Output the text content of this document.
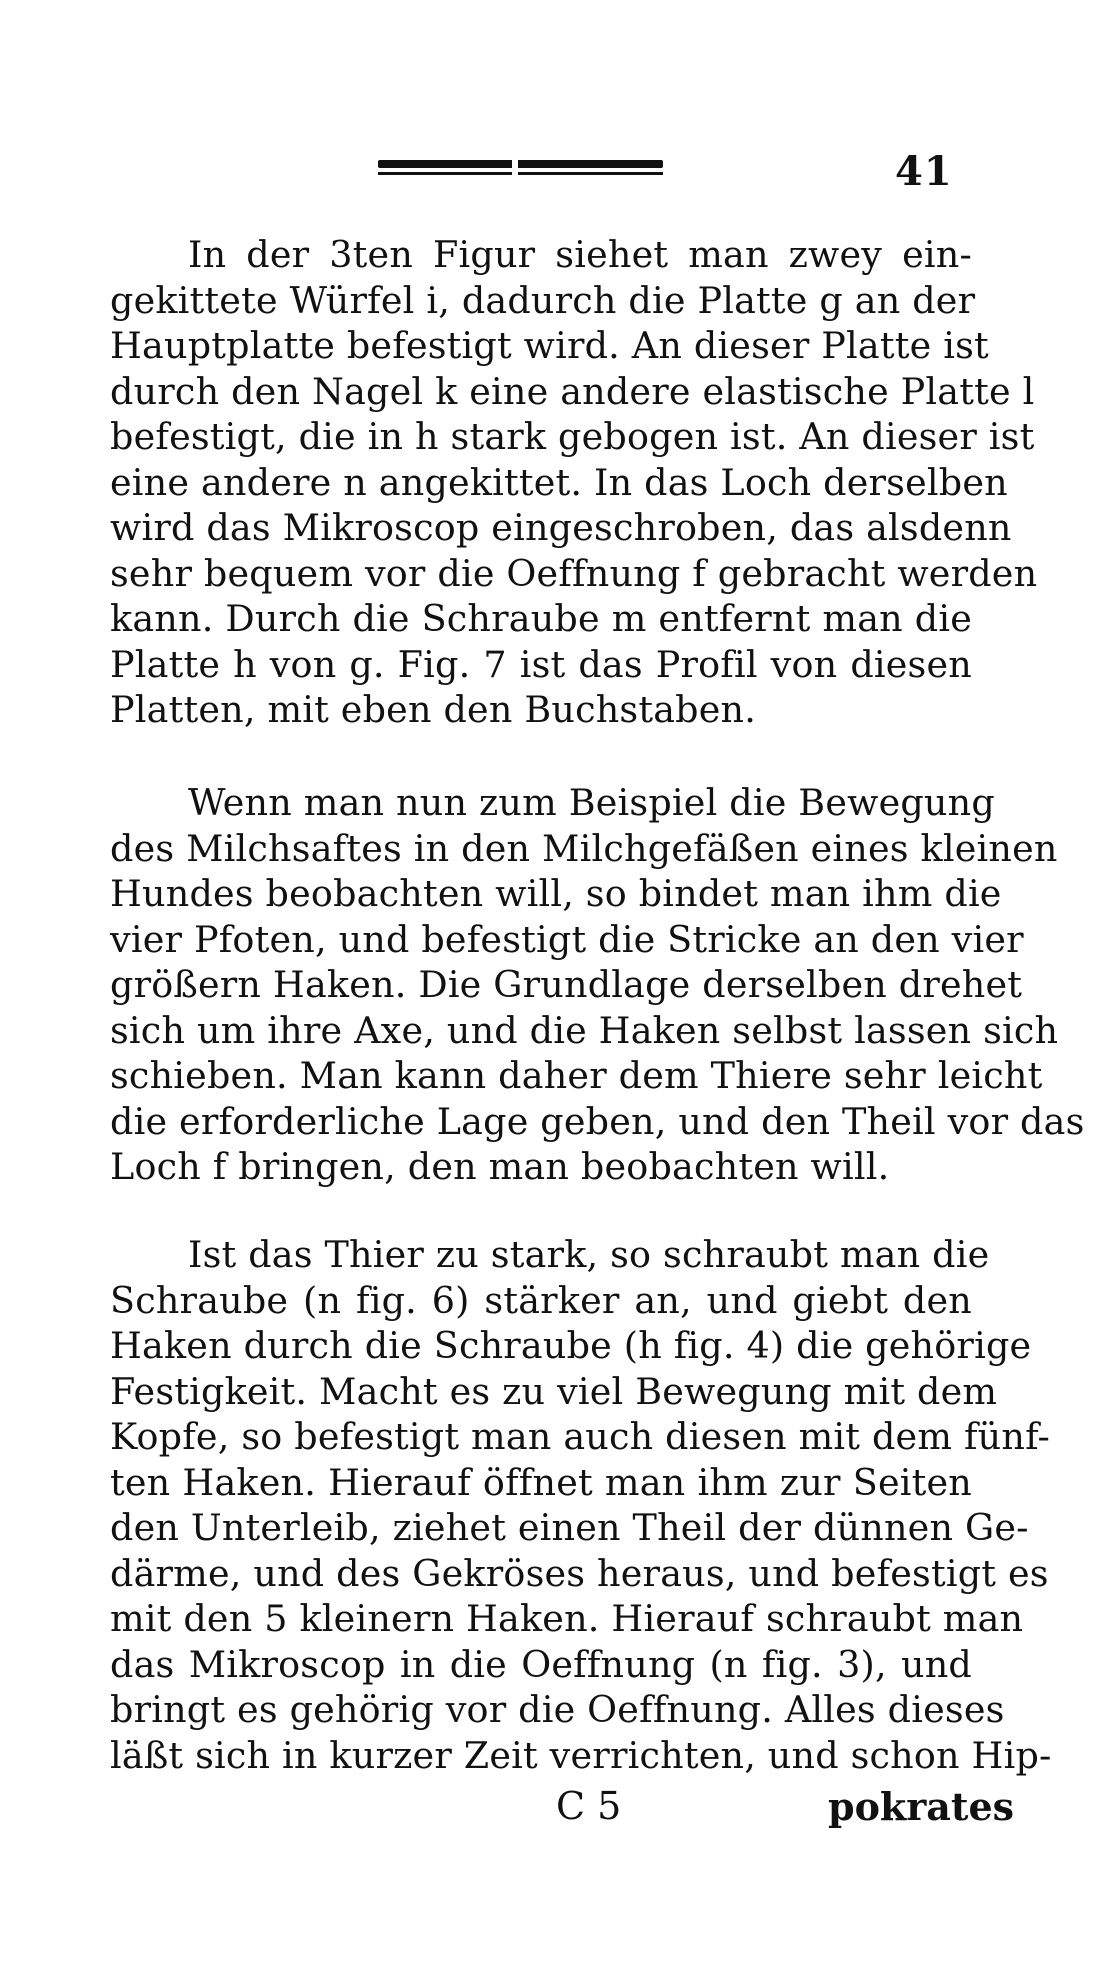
41
In der 3ten Figur siehet man zwey ein-
gekittete Würfel i, dadurch die Platte g an der
Hauptplatte befestigt wird. An dieser Platte ist
durch den Nagel k eine andere elastische Platte l
befestigt, die in h stark gebogen ist. An dieser ist
eine andere n angekittet. In das Loch derselben
wird das Mikroscop eingeschroben, das alsdenn
sehr bequem vor die Oeffnung f gebracht werden
kann. Durch die Schraube m entfernt man die
Platte h von g. Fig. 7 ist das Profil von diesen
Platten, mit eben den Buchstaben.
Wenn man nun zum Beispiel die Bewegung
des Milchsaftes in den Milchgefäßen eines kleinen
Hundes beobachten will, so bindet man ihm die
vier Pfoten, und befestigt die Stricke an den vier
größern Haken. Die Grundlage derselben drehet
sich um ihre Axe, und die Haken selbst lassen sich
schieben. Man kann daher dem Thiere sehr leicht
die erforderliche Lage geben, und den Theil vor das
Loch f bringen, den man beobachten will.
Ist das Thier zu stark, so schraubt man die
Schraube (n fig. 6) stärker an, und giebt den
Haken durch die Schraube (h fig. 4) die gehörige
Festigkeit. Macht es zu viel Bewegung mit dem
Kopfe, so befestigt man auch diesen mit dem fünf-
ten Haken. Hierauf öffnet man ihm zur Seiten
den Unterleib, ziehet einen Theil der dünnen Ge-
därme, und des Gekröses heraus, und befestigt es
mit den 5 kleinern Haken. Hierauf schraubt man
das Mikroscop in die Oeffnung (n fig. 3), und
bringt es gehörig vor die Oeffnung. Alles dieses
läßt sich in kurzer Zeit verrichten, und schon Hip-
C 5	pokrates
